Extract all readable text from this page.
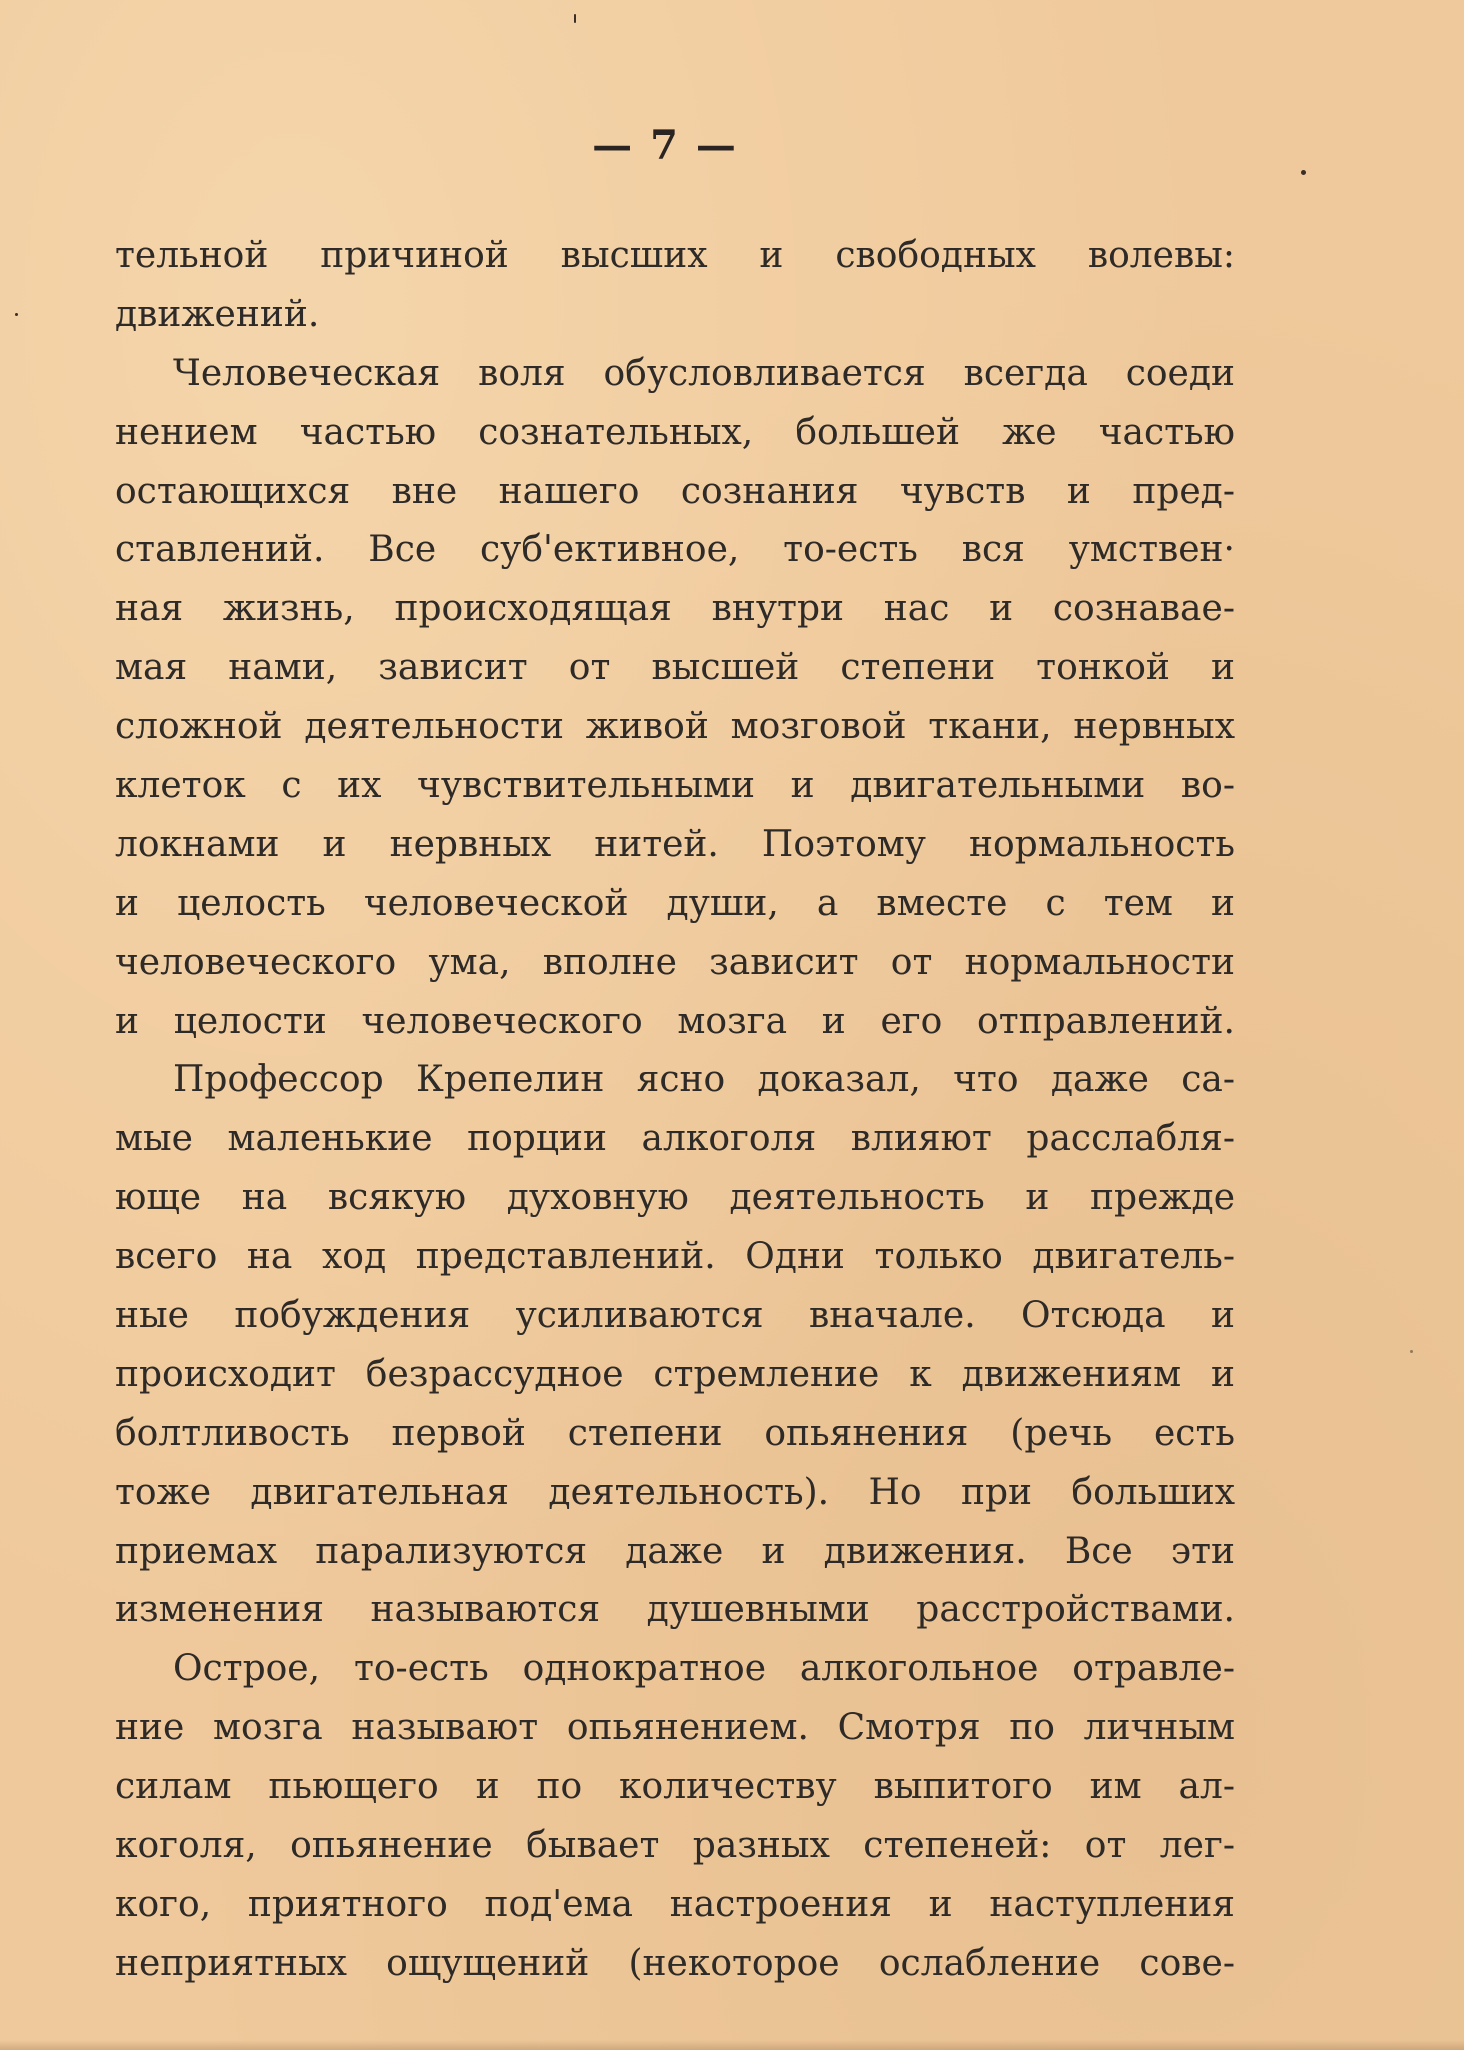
— 7 —
тельной причиной высших и свободных волевы:
движений.
Человеческая воля обусловливается всегда соеди
нением частью сознательных, большей же частью
остающихся вне нашего сознания чувств и пред-
ставлений. Все суб'ективное, то-есть вся умствен·
ная жизнь, происходящая внутри нас и сознавае-
мая нами, зависит от высшей степени тонкой и
сложной деятельности живой мозговой ткани, нервных
клеток с их чувствительными и двигательными во-
локнами и нервных нитей. Поэтому нормальность
и целость человеческой души, а вместе с тем и
человеческого ума, вполне зависит от нормальности
и целости человеческого мозга и его отправлений.
Профессор Крепелин ясно доказал, что даже са-
мые маленькие порции алкоголя влияют расслабля-
юще на всякую духовную деятельность и прежде
всего на ход представлений. Одни только двигатель-
ные побуждения усиливаются вначале. Отсюда и
происходит безрассудное стремление к движениям и
болтливость первой степени опьянения (речь есть
тоже двигательная деятельность). Но при больших
приемах парализуются даже и движения. Все эти
изменения называются душевными расстройствами.
Острое, то-есть однократное алкогольное отравле-
ние мозга называют опьянением. Смотря по личным
силам пьющего и по количеству выпитого им ал-
коголя, опьянение бывает разных степеней: от лег-
кого, приятного под'ема настроения и наступления
неприятных ощущений (некоторое ослабление сове-
